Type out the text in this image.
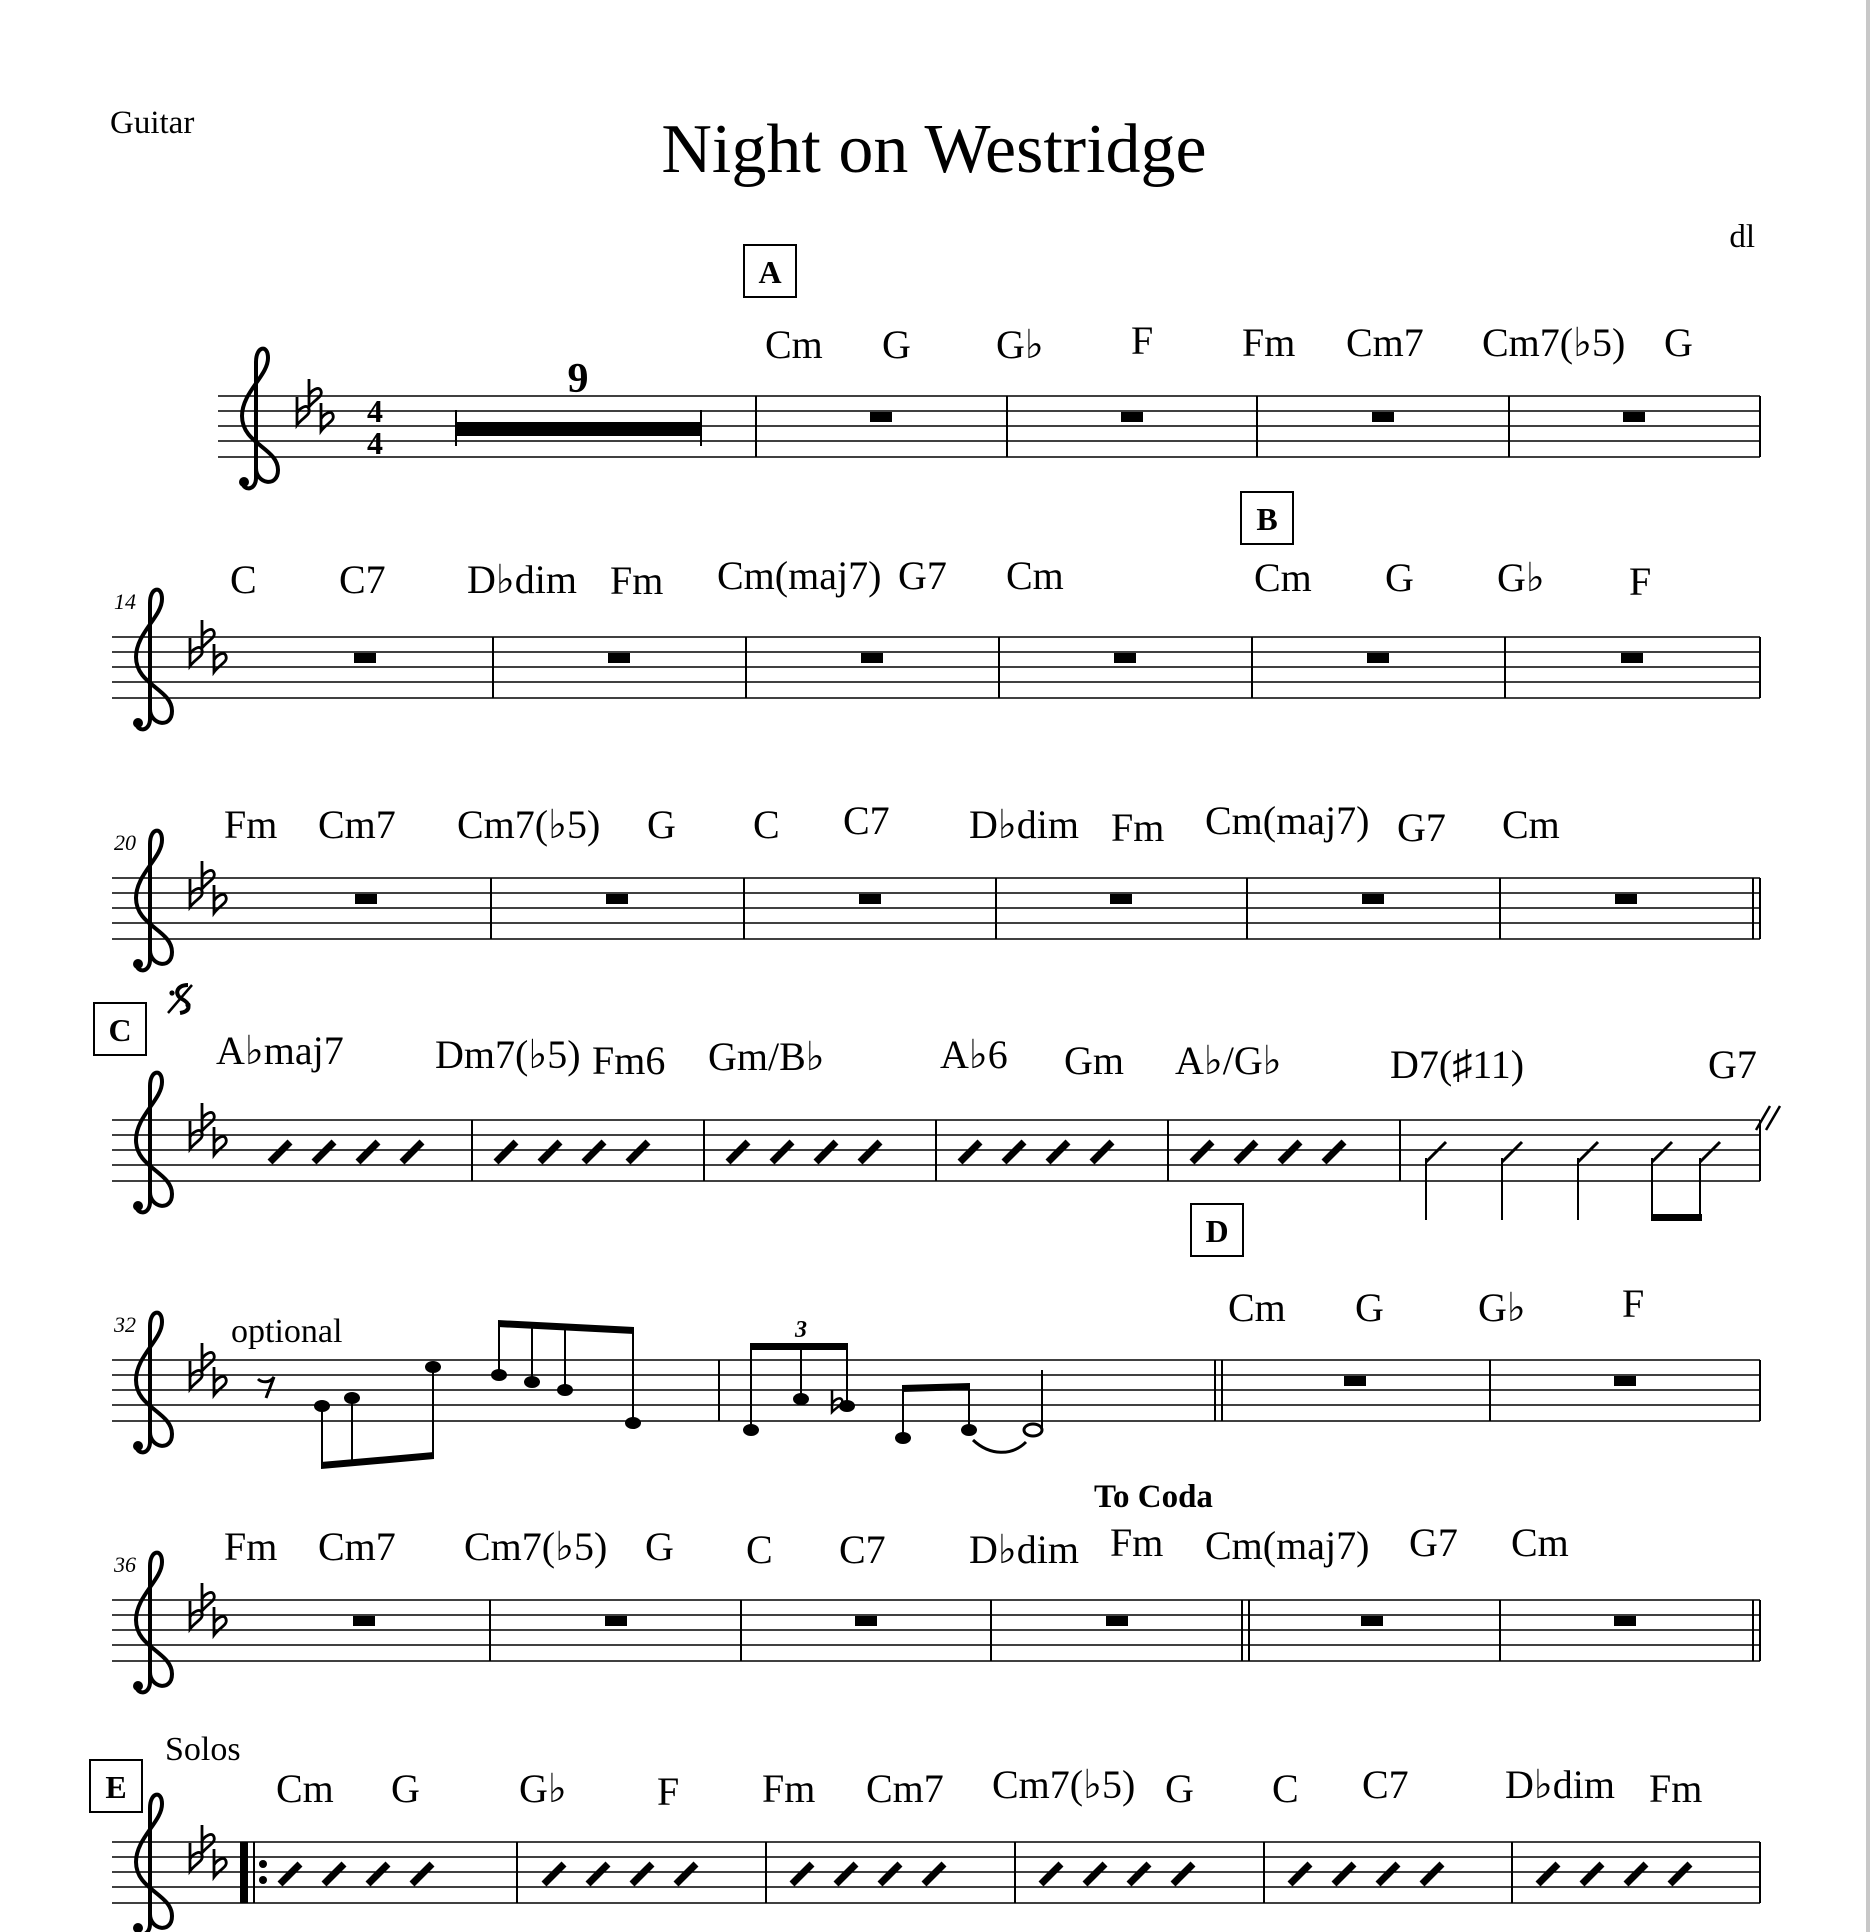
Guitar	Night on Westridge
dl
4 4
9
A
Cm G G♭ F Fm Cm7 Cm7(♭5) G
14
B
C C7 D♭dim Fm Cm(maj7) G7 Cm	Cm G G♭ F
20 Fm Cm7 Cm7(♭5) G C C7 D♭dim Fm Cm(maj7) G7 Cm
C A♭maj7 Dm7(♭5) Fm6 Gm/B♭	A♭6 Gm A♭/G♭	D7(♯11)	G7
32	optional
D
3	Cm G G♭ F
36
To Coda
Fm Cm7 Cm7(♭5) G C C7 D♭dim Fm Cm(maj7) G7 Cm
Solos
E	Cm G G♭ F Fm Cm7 Cm7(♭5) G C C7 D♭dim Fm
